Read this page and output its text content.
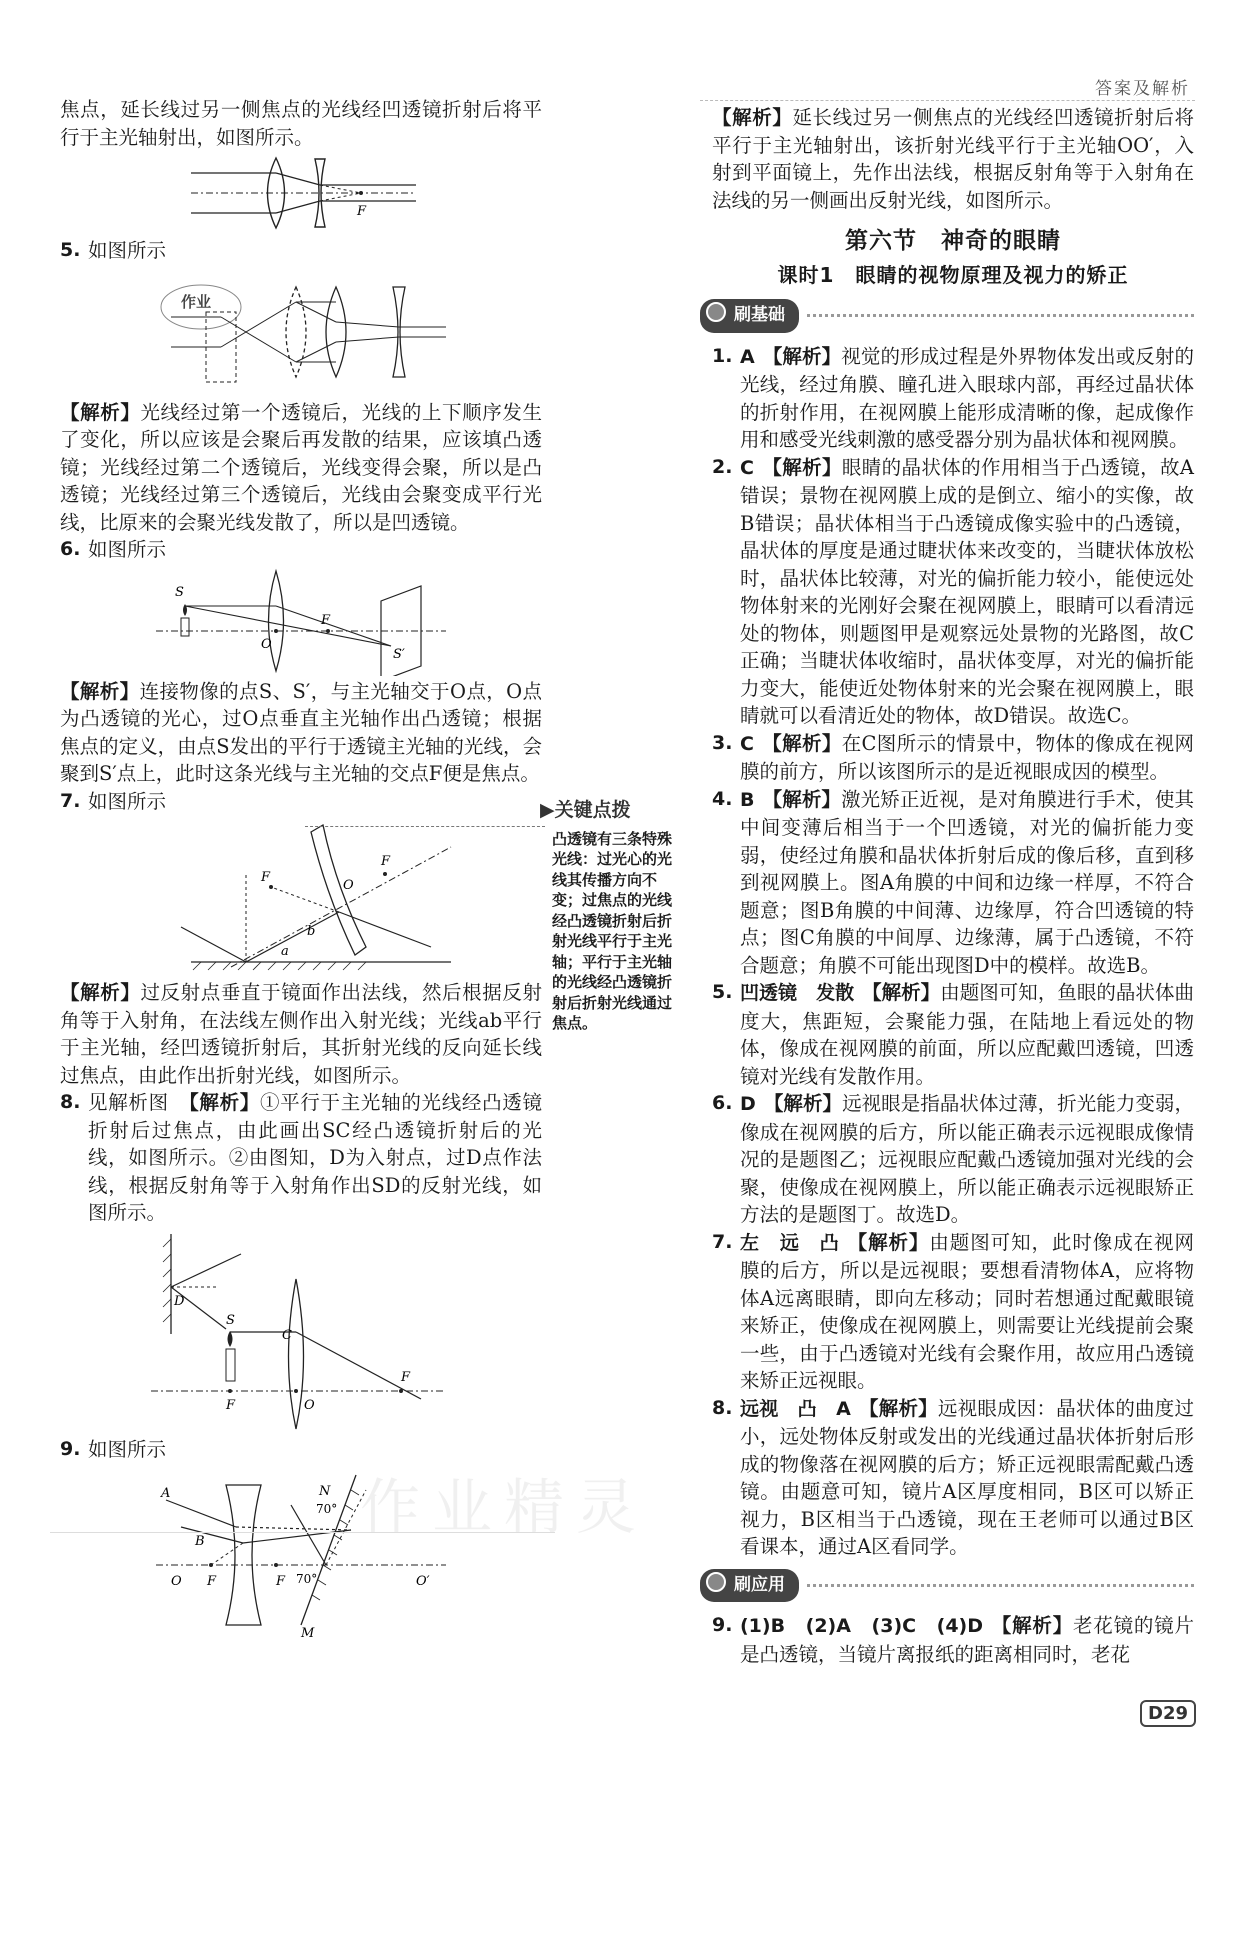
答案及解析
作业精灵

焦点，延长线过另一侧焦点的光线经凹透镜折射后将平行于主光轴射出，如图所示。

F
5. 如图所示
作业

【解析】光线经过第一个透镜后，光线的上下顺序发生了变化，所以应该是会聚后再发散的结果，应该填凸透镜；光线经过第二个透镜后，光线变得会聚，所以是凸透镜；光线经过第三个透镜后，光线由会聚变成平行光线，比原来的会聚光线发散了，所以是凹透镜。

6. 如图所示
S
O
F
S′

【解析】连接物像的点S、S′，与主光轴交于O点，O点为凸透镜的光心，过O点垂直主光轴作出凸透镜；根据焦点的定义，由点S发出的平行于透镜主光轴的光线，会聚到S′点上，此时这条光线与主光轴的交点F便是焦点。

7. 如图所示
F
F
O
a
b

【解析】过反射点垂直于镜面作出法线，然后根据反射角等于入射角，在法线左侧作出入射光线；光线ab平行于主光轴，经凹透镜折射后，其折射光线的反向延长线过焦点，由此作出折射光线，如图所示。

8. 见解析图　 【解析】①平行于主光轴的光线经凸透镜折射后过焦点，由此画出SC经凸透镜折射后的光线，如图所示。②由图知，D为入射点，过D点作法线，根据反射角等于入射角作出SD的反射光线，如图所示。
D
S
C
F	O
F
9. 如图所示
A
B
N
M
70°
70°
O F	F	O′
▶关键点拨
凸透镜有三条特殊光线：过光心的光线其传播方向不变；过焦点的光线经凸透镜折射后折射光线平行于主光轴；平行于主光轴的光线经凸透镜折射后折射光线通过焦点。

【解析】延长线过另一侧焦点的光线经凹透镜折射后将平行于主光轴射出，该折射光线平行于主光轴OO′，入射到平面镜上，先作出法线，根据反射角等于入射角在法线的另一侧画出反射光线，如图所示。

第六节　神奇的眼睛
课时1　眼睛的视物原理及视力的矫正
刷基础
1. A 【解析】视觉的形成过程是外界物体发出或反射的光线，经过角膜、瞳孔进入眼球内部，再经过晶状体的折射作用，在视网膜上能形成清晰的像，起成像作用和感受光线刺激的感受器分别为晶状体和视网膜。
2. C 【解析】眼睛的晶状体的作用相当于凸透镜，故A错误；景物在视网膜上成的是倒立、缩小的实像，故B错误；晶状体相当于凸透镜成像实验中的凸透镜，晶状体的厚度是通过睫状体来改变的，当睫状体放松时，晶状体比较薄，对光的偏折能力较小，能使远处物体射来的光刚好会聚在视网膜上，眼睛可以看清远处的物体，则题图甲是观察远处景物的光路图，故C正确；当睫状体收缩时，晶状体变厚，对光的偏折能力变大，能使近处物体射来的光会聚在视网膜上，眼睛就可以看清近处的物体，故D错误。故选C。
3. C 【解析】在C图所示的情景中，物体的像成在视网膜的前方，所以该图所示的是近视眼成因的模型。
4. B 【解析】激光矫正近视，是对角膜进行手术，使其中间变薄后相当于一个凹透镜，对光的偏折能力变弱，使经过角膜和晶状体折射后成的像后移，直到移到视网膜上。图A角膜的中间和边缘一样厚，不符合题意；图B角膜的中间薄、边缘厚，符合凹透镜的特点；图C角膜的中间厚、边缘薄，属于凸透镜，不符合题意；角膜不可能出现图D中的模样。故选B。
5. 凹透镜　发散 【解析】由题图可知，鱼眼的晶状体曲度大，焦距短，会聚能力强，在陆地上看远处的物体，像成在视网膜的前面，所以应配戴凹透镜，凹透镜对光线有发散作用。
6. D 【解析】远视眼是指晶状体过薄，折光能力变弱，像成在视网膜的后方，所以能正确表示远视眼成像情况的是题图乙；远视眼应配戴凸透镜加强对光线的会聚，使像成在视网膜上，所以能正确表示远视眼矫正方法的是题图丁。故选D。
7. 左　远　凸 【解析】由题图可知，此时像成在视网膜的后方，所以是远视眼；要想看清物体A，应将物体A远离眼睛，即向左移动；同时若想通过配戴眼镜来矫正，使像成在视网膜上，则需要让光线提前会聚一些，由于凸透镜对光线有会聚作用，故应用凸透镜来矫正远视眼。
8. 远视　凸　A 【解析】远视眼成因：晶状体的曲度过小，远处物体反射或发出的光线通过晶状体折射后形成的物像落在视网膜的后方；矫正远视眼需配戴凸透镜。由题意可知，镜片A区厚度相同，B区可以矫正视力，B区相当于凸透镜，现在王老师可以通过B区看课本，通过A区看同学。
刷应用
9. (1)B　(2)A　(3)C　(4)D 【解析】老花镜的镜片是凸透镜，当镜片离报纸的距离相同时，老花
D29
